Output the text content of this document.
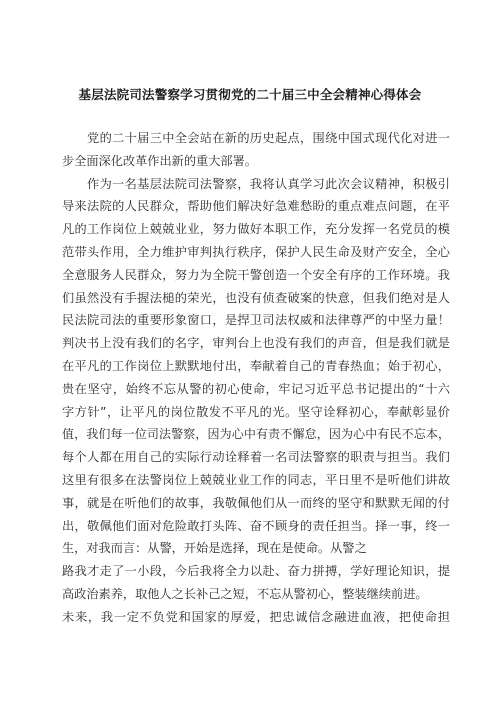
基层法院司法警察学习贯彻党的二十届三中全会精神心得体会
　　党的二十届三中全会站在新的历史起点，围绕中国式现代化对进一
步全面深化改革作出新的重大部署。
　　作为一名基层法院司法警察，我将认真学习此次会议精神，积极引
导来法院的人民群众，帮助他们解决好急难愁盼的重点难点问题，在平
凡的工作岗位上兢兢业业，努力做好本职工作，充分发挥一名党员的模
范带头作用，全力维护审判执行秩序，保护人民生命及财产安全，全心
全意服务人民群众，努力为全院干警创造一个安全有序的工作环境。我
们虽然没有手握法槌的荣光，也没有侦查破案的快意，但我们绝对是人
民法院司法的重要形象窗口，是捍卫司法权威和法律尊严的中坚力量！
判决书上没有我们的名字，审判台上也没有我们的声音，但是我们就是
在平凡的工作岗位上默默地付出，奉献着自己的青春热血；始于初心，
贵在坚守，始终不忘从警的初心使命，牢记习近平总书记提出的“十六
字方针”，让平凡的岗位散发不平凡的光。坚守诠释初心，奉献彰显价
值，我们每一位司法警察，因为心中有责不懈怠，因为心中有民不忘本，
每个人都在用自己的实际行动诠释着一名司法警察的职责与担当。我们
这里有很多在法警岗位上兢兢业业工作的同志，平日里不是听他们讲故
事，就是在听他们的故事，我敬佩他们从一而终的坚守和默默无闻的付
出，敬佩他们面对危险敢打头阵、奋不顾身的责任担当。择一事，终一
生，对我而言：从警，开始是选择，现在是使命。从警之
路我才走了一小段，今后我将全力以赴、奋力拼搏，学好理论知识，提
高政治素养，取他人之长补己之短，不忘从警初心，整装继续前进。
未来，我一定不负党和国家的厚爱，把忠诚信念融进血液，把使命担
